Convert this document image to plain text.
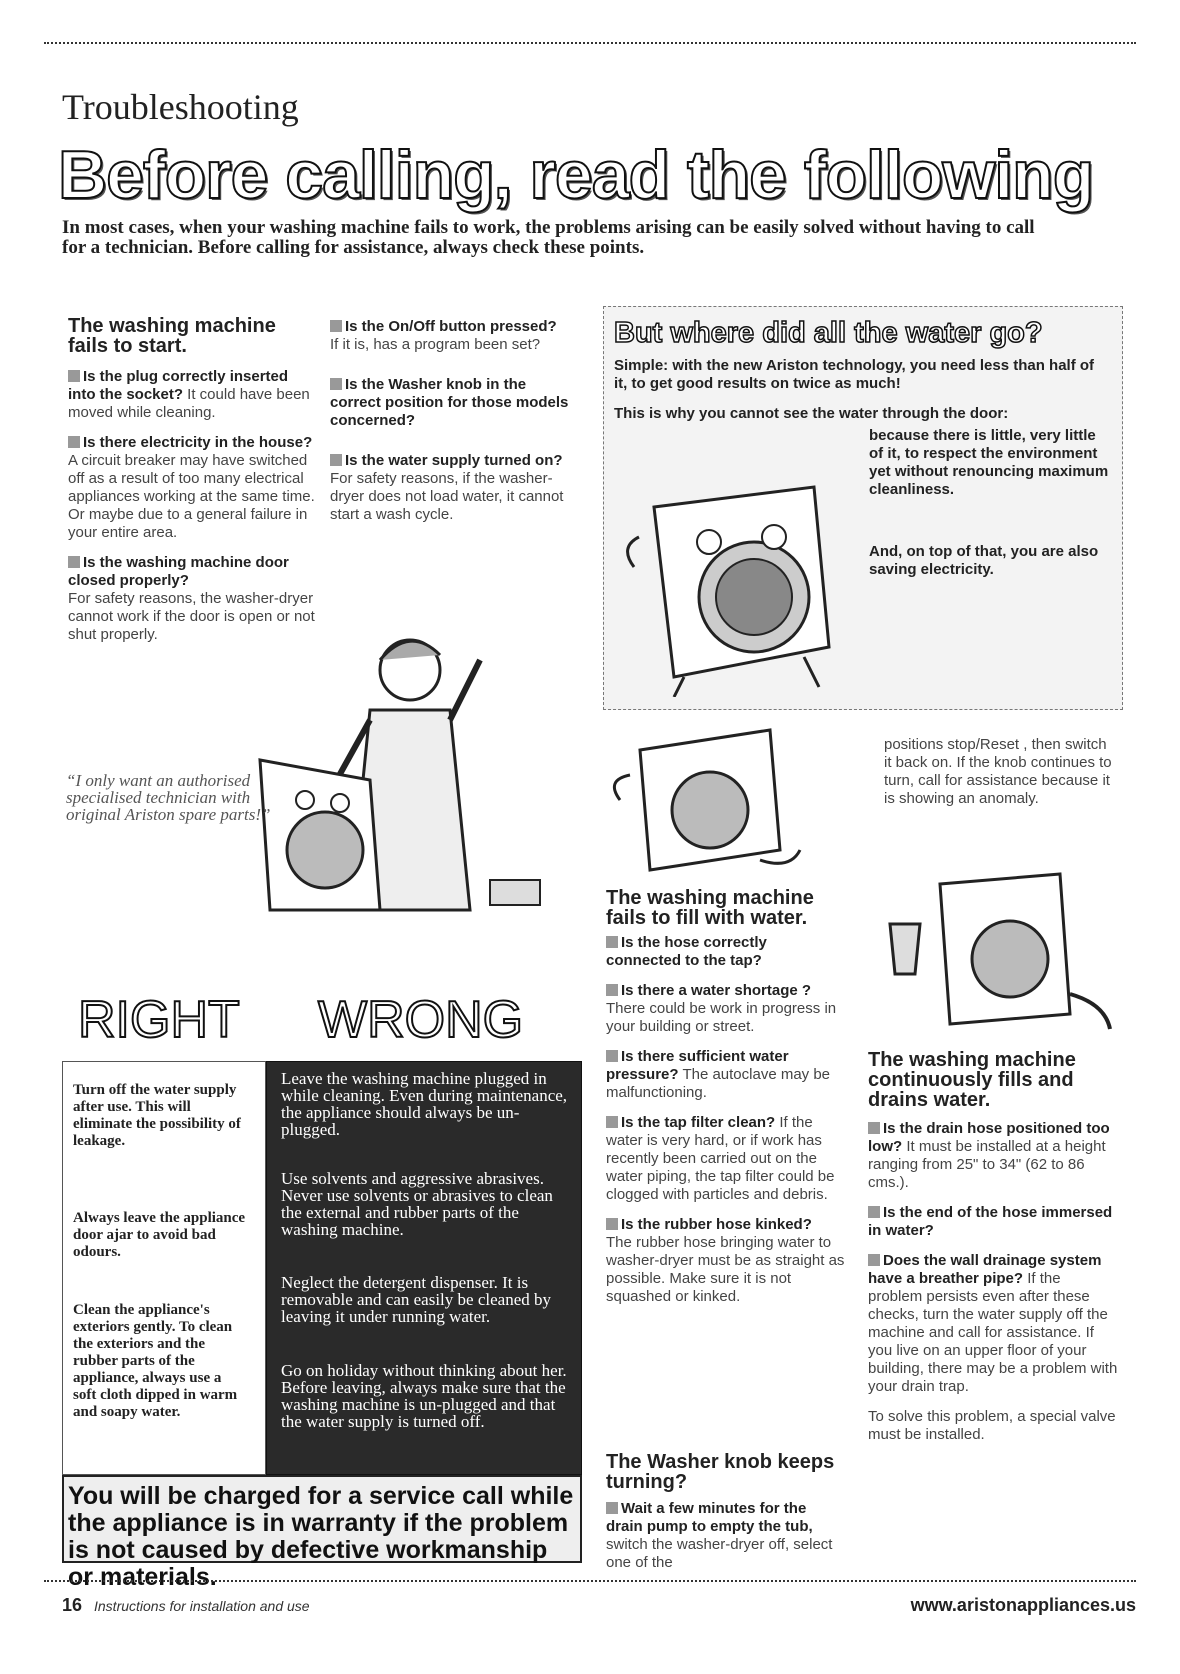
Troubleshooting
Before calling, read the following
In most cases, when your washing machine fails to work, the problems arising can be easily solved without having to call for a technician. Before calling for assistance, always check these points.
The washing machine fails to start.
Is the plug correctly inserted into the socket? It could have been moved while cleaning.
Is there electricity in the house?
A circuit breaker may have switched off as a result of too many electrical appliances working at the same time. Or maybe due to a general failure in your entire area.
Is the washing machine door closed properly?
For safety reasons, the washer-dryer cannot work if the door is open or not shut properly.
Is the On/Off button pressed?
If it is, has a program been set?
Is the Washer knob in the correct position for those models concerned?
Is the water supply turned on? For safety reasons, if the washer-dryer does not load water, it cannot start a wash cycle.
But where did all the water go?
Simple: with the new Ariston technology, you need less than half of it, to get good results on twice as much!
This is why you cannot see the water through the door:
because there is little, very little of it, to respect the environment yet without renouncing maximum cleanliness.
And, on top of that, you are also saving electricity.
“I only want an authorised specialised technician with original Ariston spare parts!”
RIGHT WRONG
Turn off the water supply after use. This will eliminate the possibility of leakage.
Always leave the appliance door ajar to avoid bad odours.
Clean the appliance's exteriors gently. To clean the exteriors and the rubber parts of the appliance, always use a soft cloth dipped in warm and soapy water.
Leave the washing machine plugged in while cleaning. Even during maintenance, the appliance should always be un-plugged.
Use solvents and aggressive abrasives. Never use solvents or abrasives to clean the external and rubber parts of the washing machine.
Neglect the detergent dispenser. It is removable and can easily be cleaned by leaving it under running water.
Go on holiday without thinking about her. Before leaving, always make sure that the washing machine is un-plugged and that the water supply is turned off.
You will be charged for a service call while the appliance is in warranty if the problem is not caused by defective workmanship or materials.
positions stop/Reset , then switch it back on. If the knob continues to turn, call for assistance because it is showing an anomaly.
The washing machine fails to fill with water.
Is the hose correctly connected to the tap?
Is there a water shortage ?
There could be work in progress in your building or street.
Is there sufficient water pressure? The autoclave may be malfunctioning.
Is the tap filter clean? If the water is very hard, or if work has recently been carried out on the water piping, the tap filter could be clogged with particles and debris.
Is the rubber hose kinked?
The rubber hose bringing water to washer-dryer must be as straight as possible. Make sure it is not squashed or kinked.
The Washer knob keeps turning?
Wait a few minutes for the drain pump to empty the tub, switch the washer-dryer off, select one of the
The washing machine continuously fills and drains water.
Is the drain hose positioned too low? It must be installed at a height ranging from 25" to 34" (62 to 86 cms.).
Is the end of the hose immersed in water?
Does the wall drainage system have a breather pipe? If the problem persists even after these checks, turn the water supply off the machine and call for assistance. If you live on an upper floor of your building, there may be a problem with your drain trap.
To solve this problem, a special valve must be installed.
16 Instructions for installation and use	www.aristonappliances.us
